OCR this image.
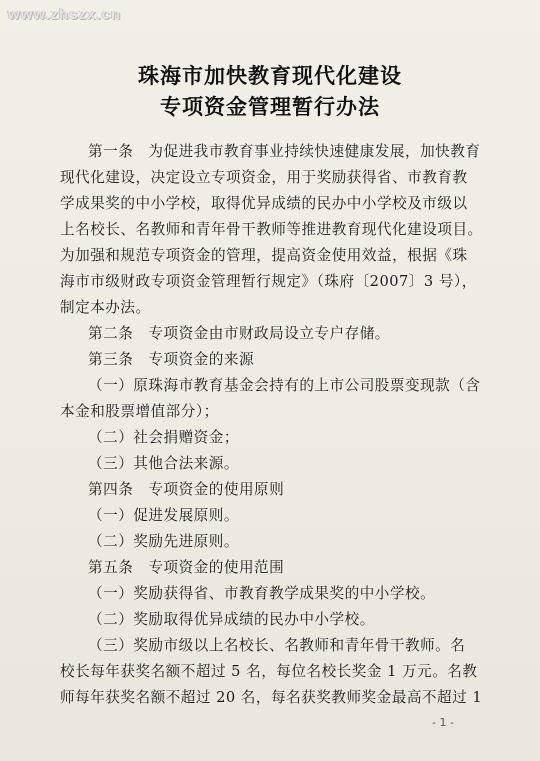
www.zhszx.cn
珠海市加快教育现代化建设
专项资金管理暂行办法
第一条　为促进我市教育事业持续快速健康发展，加快教育
现代化建设，决定设立专项资金，用于奖励获得省、市教育教
学成果奖的中小学校，取得优异成绩的民办中小学校及市级以
上名校长、名教师和青年骨干教师等推进教育现代化建设项目。
为加强和规范专项资金的管理，提高资金使用效益，根据《珠
海市市级财政专项资金管理暂行规定》（珠府〔2007〕3 号），
制定本办法。
第二条　专项资金由市财政局设立专户存储。
第三条　专项资金的来源
（一）原珠海市教育基金会持有的上市公司股票变现款（含
本金和股票增值部分）；
（二）社会捐赠资金；
（三）其他合法来源。
第四条　专项资金的使用原则
（一）促进发展原则。
（二）奖励先进原则。
第五条　专项资金的使用范围
（一）奖励获得省、市教育教学成果奖的中小学校。
（二）奖励取得优异成绩的民办中小学校。
（三）奖励市级以上名校长、名教师和青年骨干教师。名
校长每年获奖名额不超过 5 名，每位名校长奖金 1 万元。名教
师每年获奖名额不超过 20 名，每名获奖教师奖金最高不超过 1
- 1 -
